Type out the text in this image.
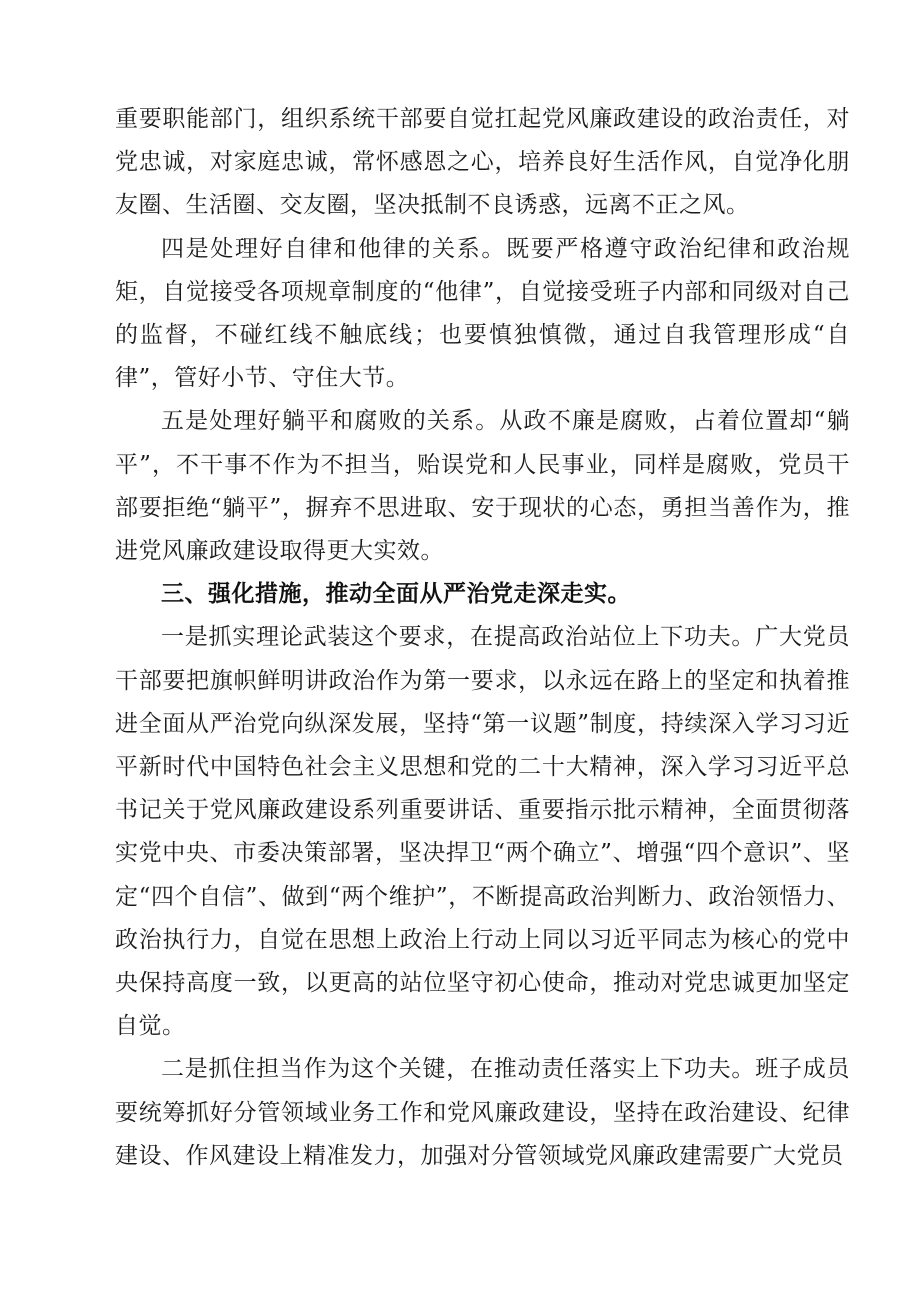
重要职能部门，组织系统干部要自觉扛起党风廉政建设的政治责任，对党忠诚，对家庭忠诚，常怀感恩之心，培养良好生活作风，自觉净化朋友圈、生活圈、交友圈，坚决抵制不良诱惑，远离不正之风。

四是处理好自律和他律的关系。既要严格遵守政治纪律和政治规矩，自觉接受各项规章制度的“他律”，自觉接受班子内部和同级对自己的监督，不碰红线不触底线；也要慎独慎微，通过自我管理形成“自律”，管好小节、守住大节。

五是处理好躺平和腐败的关系。从政不廉是腐败，占着位置却“躺平”，不干事不作为不担当，贻误党和人民事业，同样是腐败，党员干部要拒绝“躺平”，摒弃不思进取、安于现状的心态，勇担当善作为，推进党风廉政建设取得更大实效。

三、强化措施，推动全面从严治党走深走实。

一是抓实理论武装这个要求，在提高政治站位上下功夫。广大党员干部要把旗帜鲜明讲政治作为第一要求，以永远在路上的坚定和执着推进全面从严治党向纵深发展，坚持“第一议题”制度，持续深入学习习近平新时代中国特色社会主义思想和党的二十大精神，深入学习习近平总书记关于党风廉政建设系列重要讲话、重要指示批示精神，全面贯彻落实党中央、市委决策部署，坚决捍卫“两个确立”、增强“四个意识”、坚定“四个自信”、做到“两个维护”，不断提高政治判断力、政治领悟力、政治执行力，自觉在思想上政治上行动上同以习近平同志为核心的党中央保持高度一致，以更高的站位坚守初心使命，推动对党忠诚更加坚定自觉。

二是抓住担当作为这个关键，在推动责任落实上下功夫。班子成员要统筹抓好分管领域业务工作和党风廉政建设，坚持在政治建设、纪律建设、作风建设上精准发力，加强对分管领域党风廉政建需要广大党员
